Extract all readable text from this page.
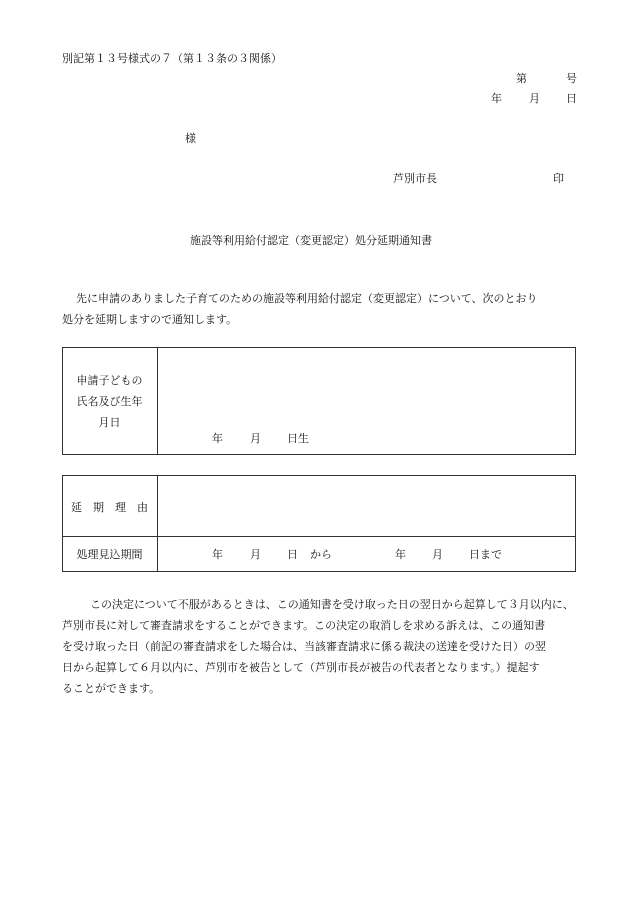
別記第１３号様式の７（第１３条の３関係）
第	号
年 月 日
様
芦別市長	印
施設等利用給付認定（変更認定）処分延期通知書
先に申請のありました子育てのための施設等利用給付認定（変更認定）について、次のとおり
処分を延期しますので通知します。
申請子どもの
氏名及び生年
月日
年 月 日生
延　期　理　由
処理見込期間	年 月 日 から	年 月 日まで
この決定について不服があるときは、この通知書を受け取った日の翌日から起算して３月以内に、
芦別市長に対して審査請求をすることができます。この決定の取消しを求める訴えは、この通知書
を受け取った日（前記の審査請求をした場合は、当該審査請求に係る裁決の送達を受けた日）の翌
日から起算して６月以内に、芦別市を被告として（芦別市長が被告の代表者となります。）提起す
ることができます。
